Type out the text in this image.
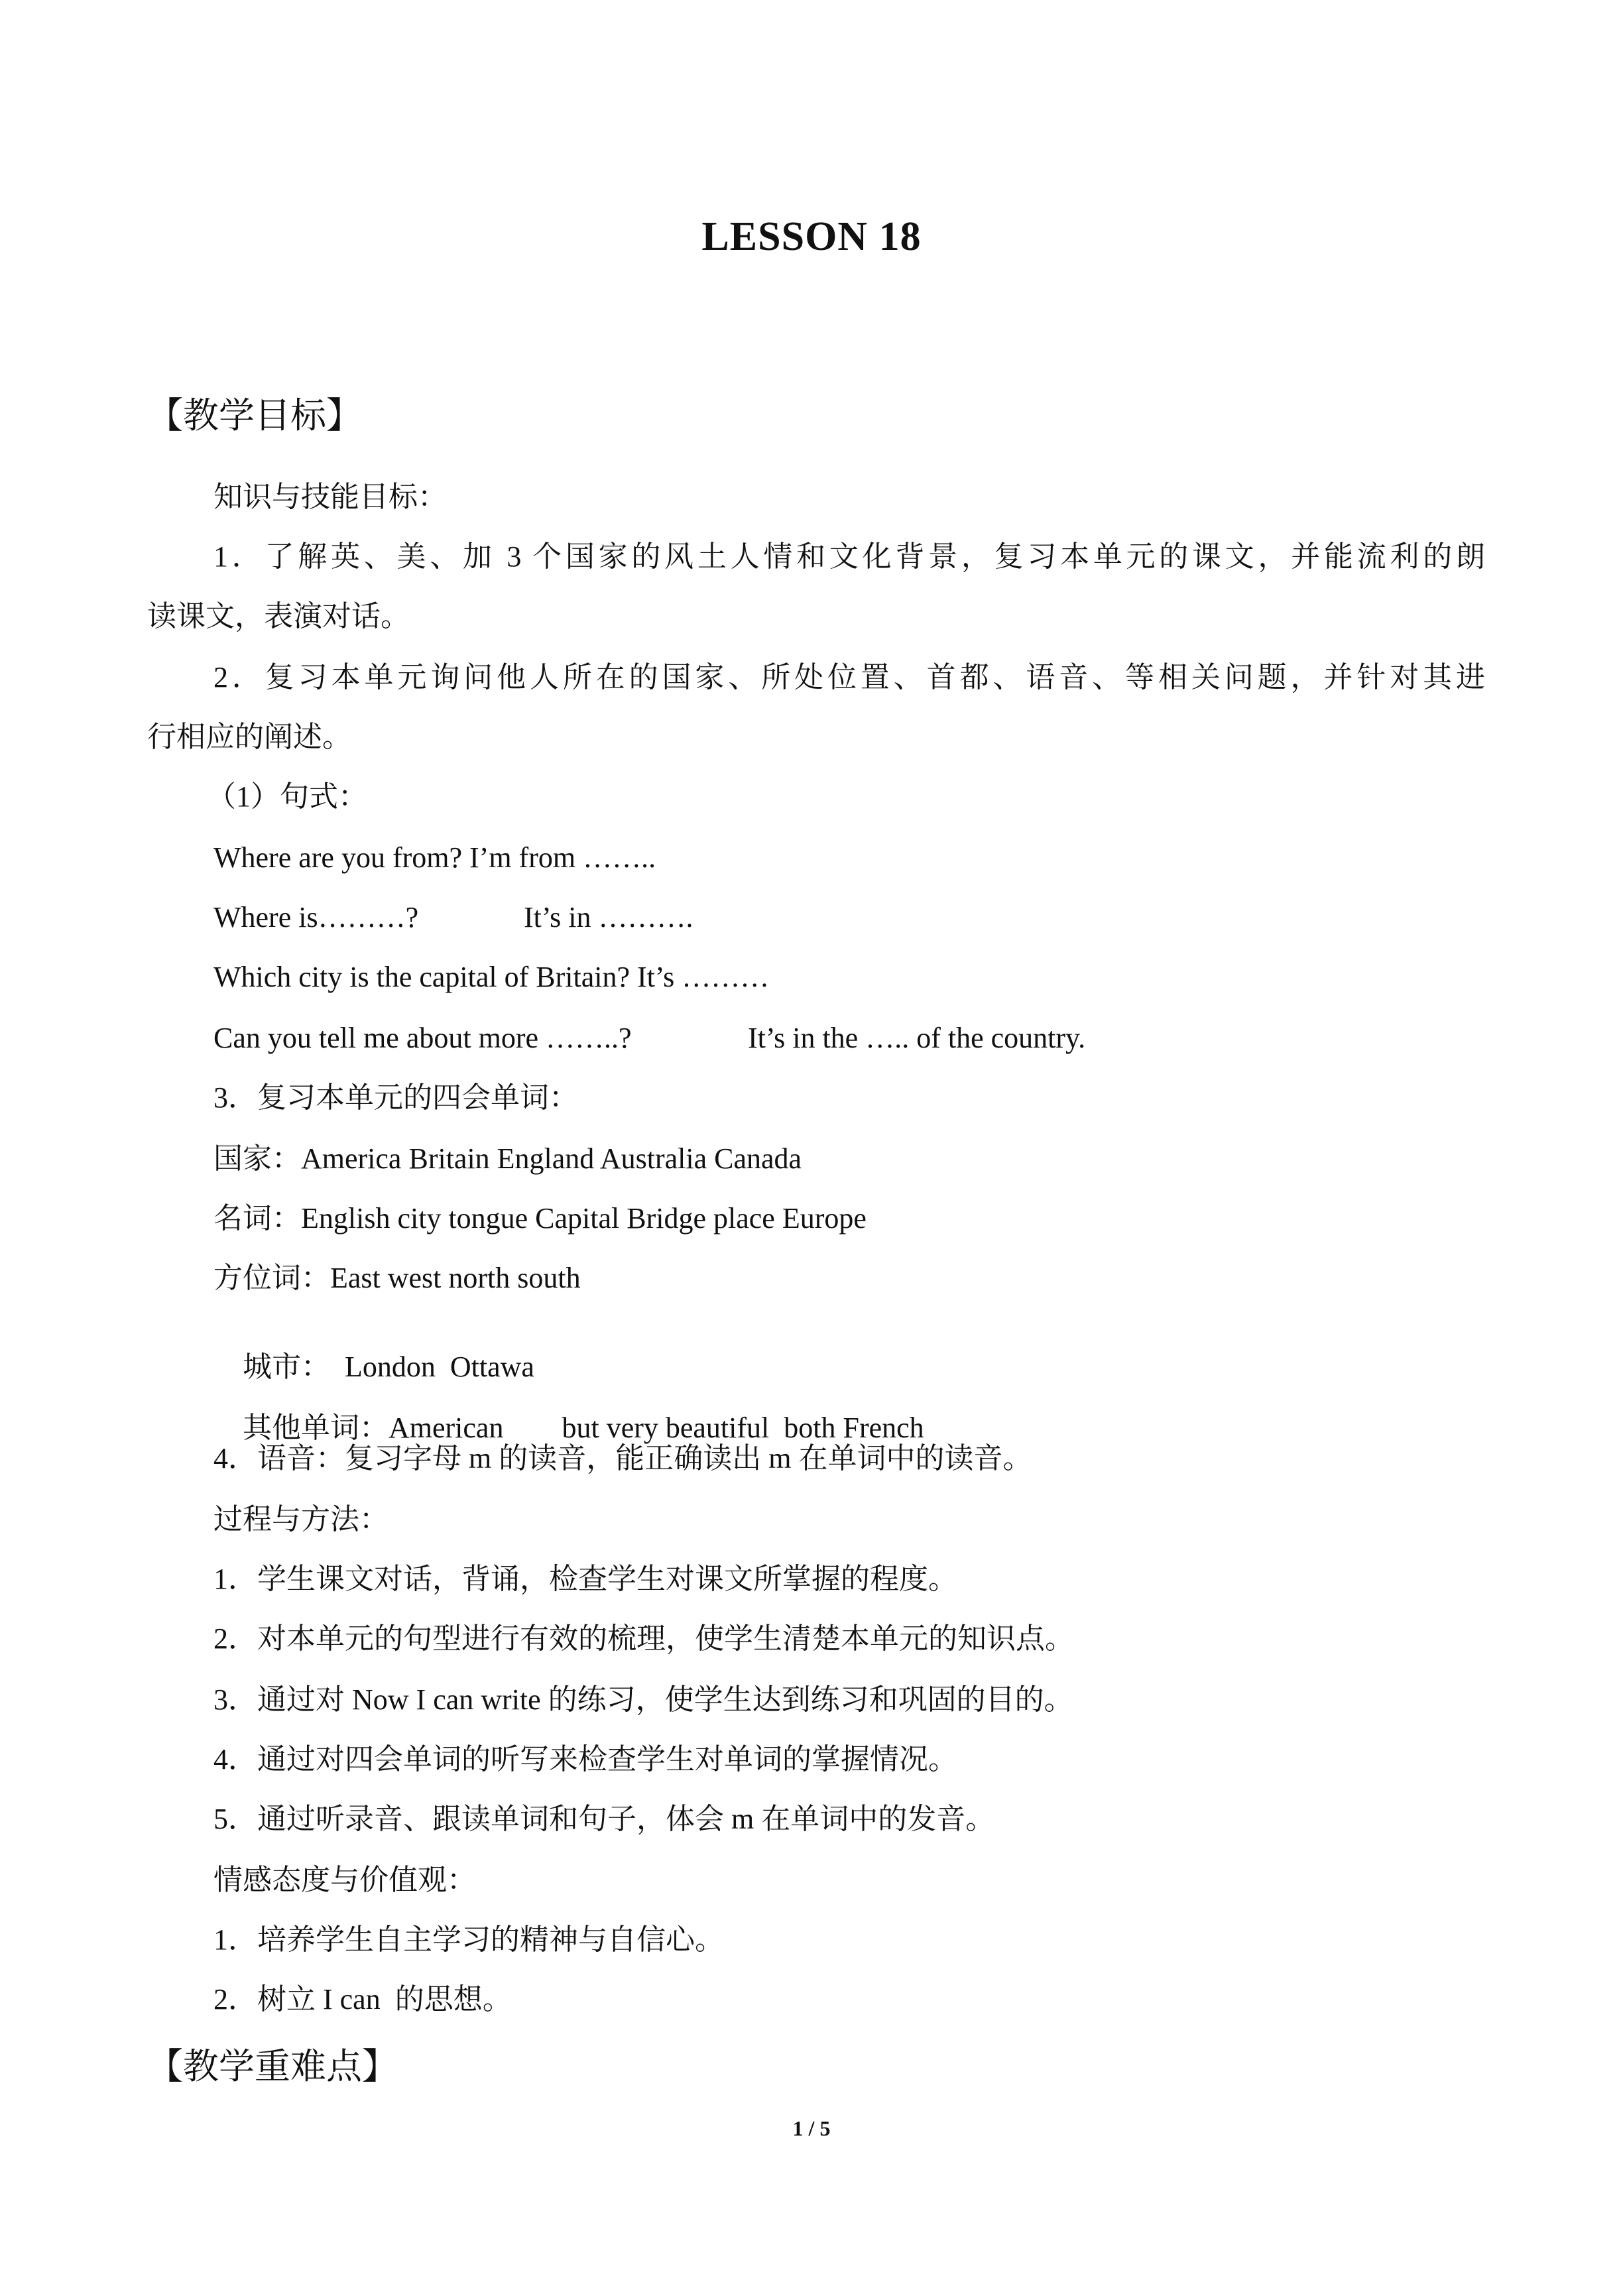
LESSON 18
【教学目标】
知识与技能目标：
1．了解英、美、加 3 个国家的风土人情和文化背景，复习本单元的课文，并能流利的朗
读课文，表演对话。
2．复习本单元询问他人所在的国家、所处位置、首都、语音、等相关问题，并针对其进
行相应的阐述。
（1）句式：
Where are you from? I’m from ……..
Where is………?	It’s in ……….
Which city is the capital of Britain? It’s ………
Can you tell me about more ……..?	It’s in the ….. of the country.
3．复习本单元的四会单词：
国家：America Britain England Australia Canada
名词：English city tongue Capital Bridge place Europe
方位词：East west north south

城市：  London  Ottawa

其他单词：American        but very beautiful  both French

4．语音：复习字母 m 的读音，能正确读出 m 在单词中的读音。
过程与方法：
1．学生课文对话，背诵，检查学生对课文所掌握的程度。
2．对本单元的句型进行有效的梳理，使学生清楚本单元的知识点。
3．通过对 Now I can write 的练习，使学生达到练习和巩固的目的。
4．通过对四会单词的听写来检查学生对单词的掌握情况。
5．通过听录音、跟读单词和句子，体会 m 在单词中的发音。
情感态度与价值观：
1．培养学生自主学习的精神与自信心。
2．树立 I can  的思想。
【教学重难点】
1 / 5
